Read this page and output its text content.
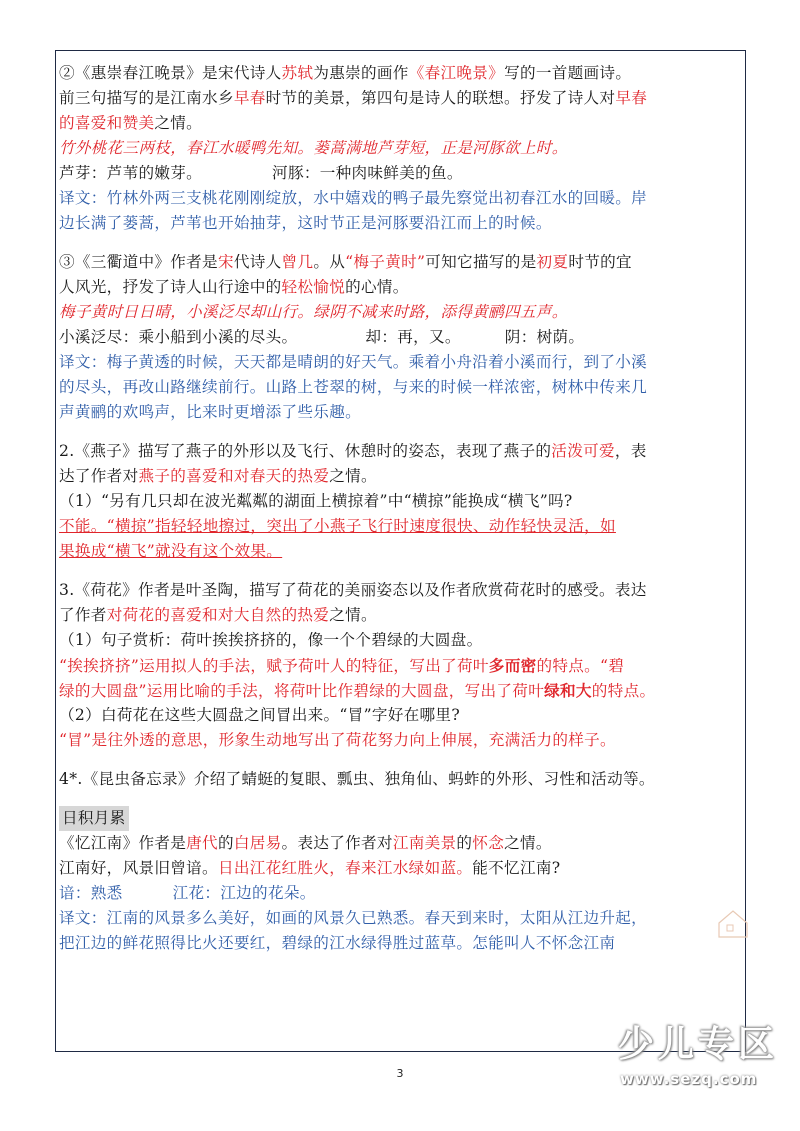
②《惠崇春江晚景》是宋代诗人苏轼为惠崇的画作《春江晚景》写的一首题画诗。
前三句描写的是江南水乡早春时节的美景，第四句是诗人的联想。抒发了诗人对早春
的喜爱和赞美之情。
竹外桃花三两枝，春江水暖鸭先知。蒌蒿满地芦芽短，正是河豚欲上时。
芦芽：芦苇的嫩芽。	河豚：一种肉味鲜美的鱼。
译文：竹林外两三支桃花刚刚绽放，水中嬉戏的鸭子最先察觉出初春江水的回暖。岸
边长满了蒌蒿，芦苇也开始抽芽，这时节正是河豚要沿江而上的时候。
③《三衢道中》作者是宋代诗人曾几。从“梅子黄时”可知它描写的是初夏时节的宜
人风光，抒发了诗人山行途中的轻松愉悦的心情。
梅子黄时日日晴，小溪泛尽却山行。绿阴不减来时路，添得黄鹂四五声。
小溪泛尽：乘小船到小溪的尽头。	却：再，又。	阴：树荫。
译文：梅子黄透的时候，天天都是晴朗的好天气。乘着小舟沿着小溪而行，到了小溪
的尽头，再改山路继续前行。山路上苍翠的树，与来的时候一样浓密，树林中传来几
声黄鹂的欢鸣声，比来时更增添了些乐趣。
2.《燕子》描写了燕子的外形以及飞行、休憩时的姿态，表现了燕子的活泼可爱，表
达了作者对燕子的喜爱和对春天的热爱之情。
（1）“另有几只却在波光粼粼的湖面上横掠着”中“横掠”能换成“横飞”吗?
不能。“横掠”指轻轻地擦过，突出了小燕子飞行时速度很快、动作轻快灵活，如
果换成“横飞”就没有这个效果。
3.《荷花》作者是叶圣陶，描写了荷花的美丽姿态以及作者欣赏荷花时的感受。表达
了作者对荷花的喜爱和对大自然的热爱之情。
（1）句子赏析：荷叶挨挨挤挤的，像一个个碧绿的大圆盘。
“挨挨挤挤”运用拟人的手法，赋予荷叶人的特征，写出了荷叶多而密的特点。“碧
绿的大圆盘”运用比喻的手法，将荷叶比作碧绿的大圆盘，写出了荷叶绿和大的特点。
（2）白荷花在这些大圆盘之间冒出来。“冒”字好在哪里?
“冒”是往外透的意思，形象生动地写出了荷花努力向上伸展，充满活力的样子。
4*.《昆虫备忘录》介绍了蜻蜓的复眼、瓢虫、独角仙、蚂蚱的外形、习性和活动等。
日积月累
《忆江南》作者是唐代的白居易。表达了作者对江南美景的怀念之情。
江南好，风景旧曾谙。日出江花红胜火，春来江水绿如蓝。能不忆江南?
谙：熟悉	江花：江边的花朵。
译文：江南的风景多么美好，如画的风景久已熟悉。春天到来时，太阳从江边升起，
把江边的鲜花照得比火还要红，碧绿的江水绿得胜过蓝草。怎能叫人不怀念江南
3
少儿专区
www.sezq.com
